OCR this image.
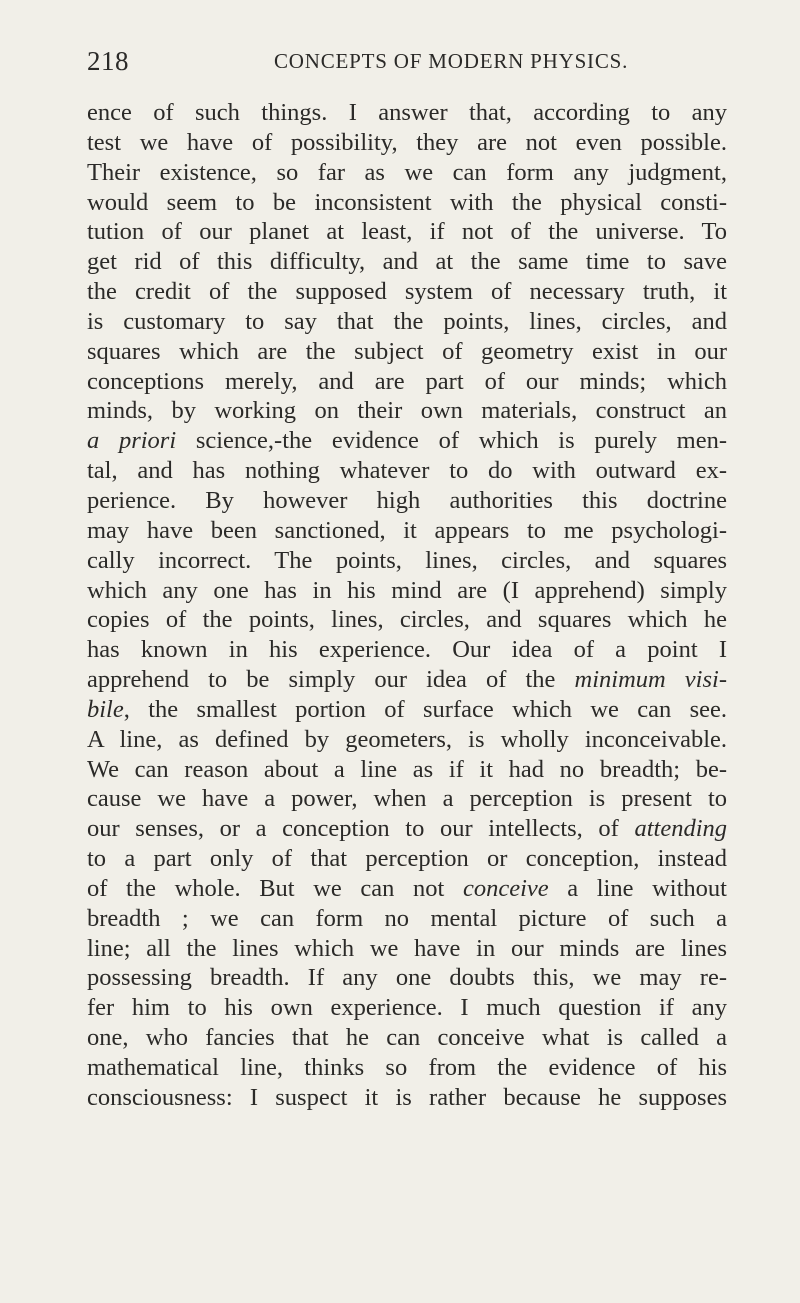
218	CONCEPTS OF MODERN PHYSICS.
ence of such things. I answer that, according to any
test we have of possibility, they are not even possible.
Their existence, so far as we can form any judgment,
would seem to be inconsistent with the physical consti-
tution of our planet at least, if not of the universe. To
get rid of this difficulty, and at the same time to save
the credit of the supposed system of necessary truth, it
is customary to say that the points, lines, circles, and
squares which are the subject of geometry exist in our
conceptions merely, and are part of our minds; which
minds, by working on their own materials, construct an
a priori science,-the evidence of which is purely men-
tal, and has nothing whatever to do with outward ex-
perience. By however high authorities this doctrine
may have been sanctioned, it appears to me psychologi-
cally incorrect. The points, lines, circles, and squares
which any one has in his mind are (I apprehend) simply
copies of the points, lines, circles, and squares which he
has known in his experience. Our idea of a point I
apprehend to be simply our idea of the minimum visi-
bile, the smallest portion of surface which we can see.
A line, as defined by geometers, is wholly inconceivable.
We can reason about a line as if it had no breadth; be-
cause we have a power, when a perception is present to
our senses, or a conception to our intellects, of attending
to a part only of that perception or conception, instead
of the whole. But we can not conceive a line without
breadth ; we can form no mental picture of such a
line; all the lines which we have in our minds are lines
possessing breadth. If any one doubts this, we may re-
fer him to his own experience. I much question if any
one, who fancies that he can conceive what is called a
mathematical line, thinks so from the evidence of his
consciousness: I suspect it is rather because he supposes
